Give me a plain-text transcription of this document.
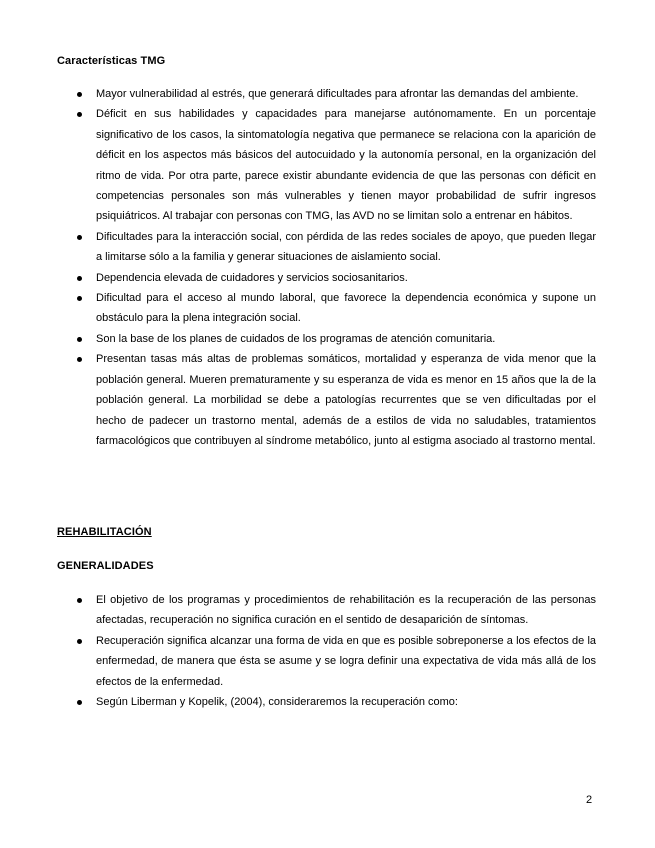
Características TMG
Mayor vulnerabilidad al estrés, que generará dificultades para afrontar las demandas del ambiente.
Déficit en sus habilidades y capacidades para manejarse autónomamente. En un porcentaje significativo de los casos, la sintomatología negativa que permanece se relaciona con la aparición de déficit en los aspectos más básicos del autocuidado y la autonomía personal, en la organización del ritmo de vida. Por otra parte, parece existir abundante evidencia de que las personas con déficit en competencias personales son más vulnerables y tienen mayor probabilidad de sufrir ingresos psiquiátricos. Al trabajar con personas con TMG, las AVD no se limitan solo a entrenar en hábitos.
Dificultades para la interacción social, con pérdida de las redes sociales de apoyo, que pueden llegar a limitarse sólo a la familia y generar situaciones de aislamiento social.
Dependencia elevada de cuidadores y servicios sociosanitarios.
Dificultad para el acceso al mundo laboral, que favorece la dependencia económica y supone un obstáculo para la plena integración social.
Son la base de los planes de cuidados de los programas de atención comunitaria.
Presentan tasas más altas de problemas somáticos, mortalidad y esperanza de vida menor que la población general. Mueren prematuramente y su esperanza de vida es menor en 15 años que la de la población general. La morbilidad se debe a patologías recurrentes que se ven dificultadas por el hecho de padecer un trastorno mental, además de a estilos de vida no saludables, tratamientos farmacológicos que contribuyen al síndrome metabólico, junto al estigma asociado al trastorno mental.
REHABILITACIÓN
GENERALIDADES
El objetivo de los programas y procedimientos de rehabilitación es la recuperación de las personas afectadas, recuperación no significa curación en el sentido de desaparición de síntomas.
Recuperación significa alcanzar una forma de vida en que es posible sobreponerse a los efectos de la enfermedad, de manera que ésta se asume y se logra definir una expectativa de vida más allá de los efectos de la enfermedad.
Según Liberman y Kopelik, (2004), consideraremos la recuperación como:
2
